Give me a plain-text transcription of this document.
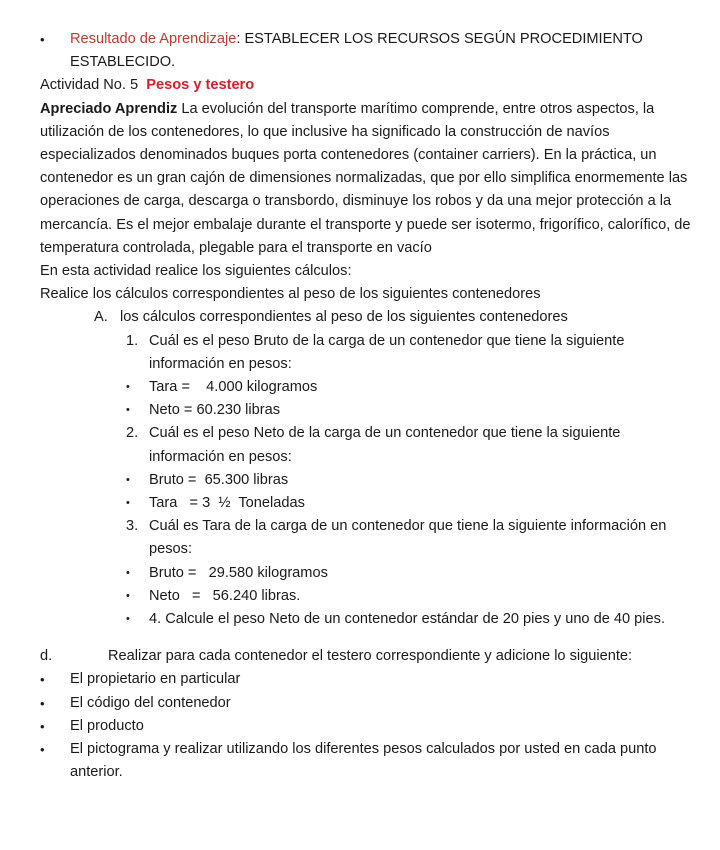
•	Resultado de Aprendizaje: ESTABLECER LOS RECURSOS SEGÚN PROCEDIMIENTO ESTABLECIDO.

Actividad No. 5 Pesos y testero

Apreciado Aprendiz La evolución del transporte marítimo comprende, entre otros aspectos, la utilización de los contenedores, lo que inclusive ha significado la construcción de navíos especializados denominados buques porta contenedores (container carriers). En la práctica, un contenedor es un gran cajón de dimensiones normalizadas, que por ello simplifica enormemente las operaciones de carga, descarga o transbordo, disminuye los robos y da una mejor protección a la mercancía. Es el mejor embalaje durante el transporte y puede ser isotermo, frigorífico, calorífico, de temperatura controlada, plegable para el transporte en vacío

En esta actividad realice los siguientes cálculos:

Realice los cálculos correspondientes al peso de los siguientes contenedores

A. los cálculos correspondientes al peso de los siguientes contenedores
1. Cuál es el peso Bruto de la carga de un contenedor que tiene la siguiente información en pesos:
•	Tara =    4.000 kilogramos
•	Neto = 60.230 libras
2. Cuál es el peso Neto de la carga de un contenedor que tiene la siguiente información en pesos:
•	Bruto =  65.300 libras
•	Tara   = 3  ½  Toneladas
3. Cuál es Tara de la carga de un contenedor que tiene la siguiente información en pesos:
•	Bruto =   29.580 kilogramos
•	Neto   =   56.240 libras.
•	4. Calcule el peso Neto de un contenedor estándar de 20 pies y uno de 40 pies.
d.	Realizar para cada contenedor el testero correspondiente y adicione lo siguiente:
•	El propietario en particular
•	El código del contenedor
•	El producto
•	El pictograma y realizar utilizando los diferentes pesos calculados por usted en cada punto anterior.
